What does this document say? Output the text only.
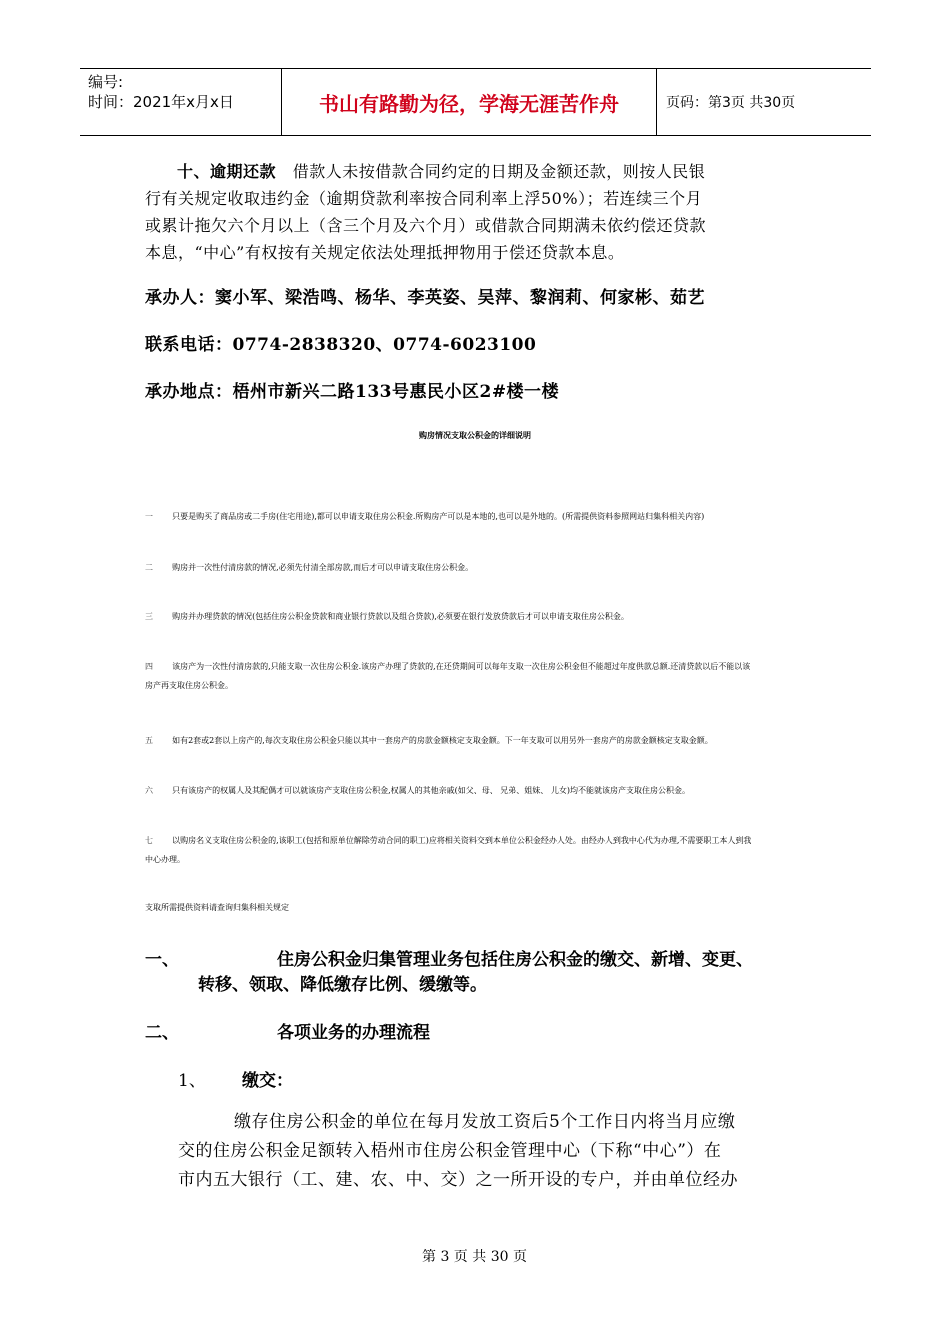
编号:
时间：2021年x月x日	书山有路勤为径，学海无涯苦作舟	页码：第3页 共30页
十、逾期还款 借款人未按借款合同约定的日期及金额还款，则按人民银
行有关规定收取违约金（逾期贷款利率按合同利率上浮50%）；若连续三个月
或累计拖欠六个月以上（含三个月及六个月）或借款合同期满未依约偿还贷款
本息，“中心”有权按有关规定依法处理抵押物用于偿还贷款本息。
承办人：窦小军、梁浩鸣、杨华、李英姿、吴萍、黎润莉、何家彬、茹艺
联系电话：0774-2838320、0774-6023100
承办地点：梧州市新兴二路133号惠民小区2#楼一楼
购房情况支取公积金的详细说明
一 只要是购买了商品房或二手房(住宅用途),都可以申请支取住房公积金.所购房产可以是本地的,也可以是外地的。(所需提供资料参照网站归集科相关内容)
二 购房并一次性付清房款的情况,必须先付清全部房款,而后才可以申请支取住房公积金。
三 购房并办理贷款的情况(包括住房公积金贷款和商业银行贷款以及组合贷款),必须要在银行发放贷款后才可以申请支取住房公积金。
四 该房产为一次性付清房款的,只能支取一次住房公积金.该房产办理了贷款的,在还贷期间可以每年支取一次住房公积金但不能超过年度供款总额.还清贷款以后不能以该
房产再支取住房公积金。
五 如有2套或2套以上房产的,每次支取住房公积金只能以其中一套房产的房款金额核定支取金额。下一年支取可以用另外一套房产的房款金额核定支取金额。
六 只有该房产的权属人及其配偶才可以就该房产支取住房公积金,权属人的其他亲戚(如父、母、 兄弟、姐妹、 儿女)均不能就该房产支取住房公积金。
七 以购房名义支取住房公积金的,该职工(包括和原单位解除劳动合同的职工)应将相关资料交到本单位公积金经办人处。由经办人到我中心代为办理,不需要职工本人到我
中心办理。
支取所需提供资料请查询归集科相关规定
一、	住房公积金归集管理业务包括住房公积金的缴交、新增、变更、
转移、领取、降低缴存比例、缓缴等。
二、	各项业务的办理流程
1、 缴交：
缴存住房公积金的单位在每月发放工资后5个工作日内将当月应缴
交的住房公积金足额转入梧州市住房公积金管理中心（下称“中心”）在
市内五大银行（工、建、农、中、交）之一所开设的专户，并由单位经办
第 3 页 共 30 页
